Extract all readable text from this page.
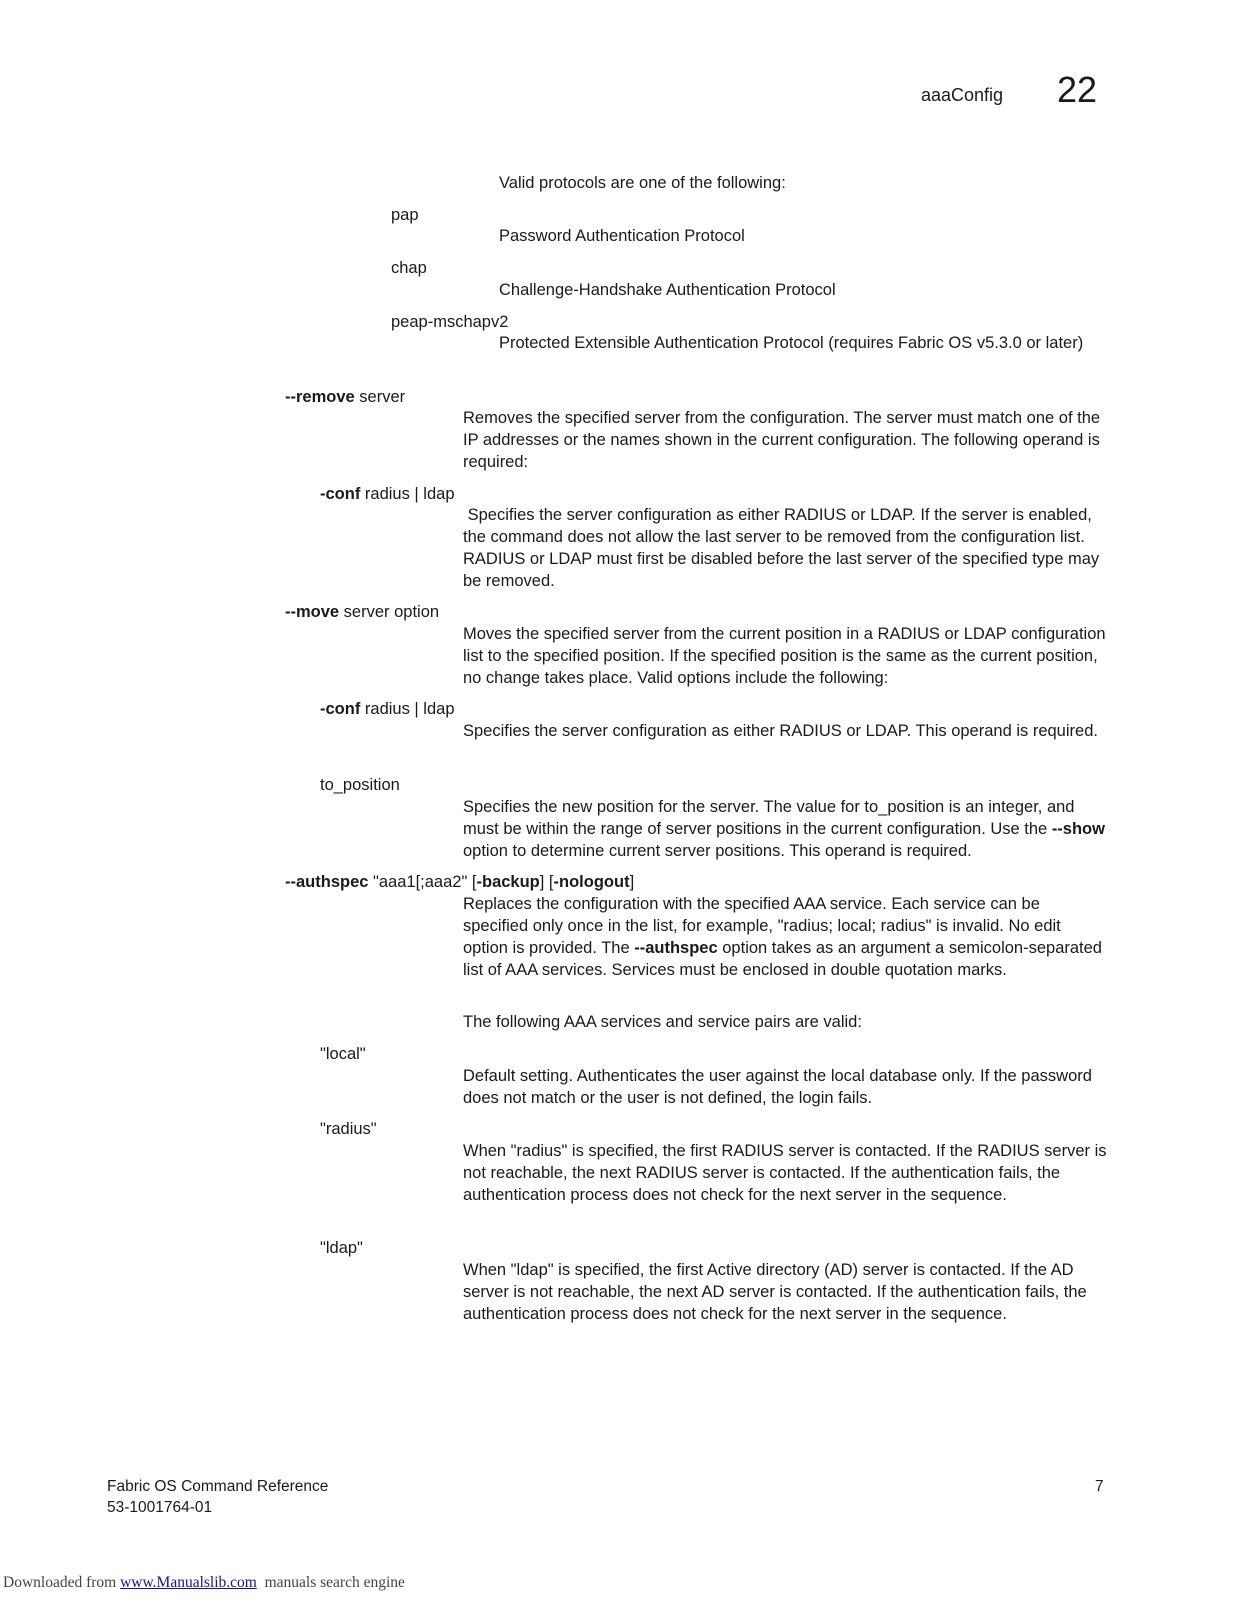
aaaConfig 22
Valid protocols are one of the following:
pap
Password Authentication Protocol
chap
Challenge-Handshake Authentication Protocol
peap-mschapv2
Protected Extensible Authentication Protocol (requires Fabric OS v5.3.0 or later)
--remove server
Removes the specified server from the configuration. The server must match one of the IP addresses or the names shown in the current configuration. The following operand is required:
-conf radius | ldap
Specifies the server configuration as either RADIUS or LDAP. If the server is enabled, the command does not allow the last server to be removed from the configuration list. RADIUS or LDAP must first be disabled before the last server of the specified type may be removed.
--move server option
Moves the specified server from the current position in a RADIUS or LDAP configuration list to the specified position. If the specified position is the same as the current position, no change takes place. Valid options include the following:
-conf radius | ldap
Specifies the server configuration as either RADIUS or LDAP. This operand is required.
to_position
Specifies the new position for the server. The value for to_position is an integer, and must be within the range of server positions in the current configuration. Use the --show option to determine current server positions. This operand is required.
--authspec "aaa1[;aaa2" [-backup] [-nologout]
Replaces the configuration with the specified AAA service. Each service can be specified only once in the list, for example, "radius; local; radius" is invalid. No edit option is provided. The --authspec option takes as an argument a semicolon-separated list of AAA services. Services must be enclosed in double quotation marks.
The following AAA services and service pairs are valid:
"local"
Default setting. Authenticates the user against the local database only. If the password does not match or the user is not defined, the login fails.
"radius"
When "radius" is specified, the first RADIUS server is contacted. If the RADIUS server is not reachable, the next RADIUS server is contacted. If the authentication fails, the authentication process does not check for the next server in the sequence.
"ldap"
When "ldap" is specified, the first Active directory (AD) server is contacted. If the AD server is not reachable, the next AD server is contacted. If the authentication fails, the authentication process does not check for the next server in the sequence.
Fabric OS Command Reference
53-1001764-01
7
Downloaded from www.Manualslib.com  manuals search engine
